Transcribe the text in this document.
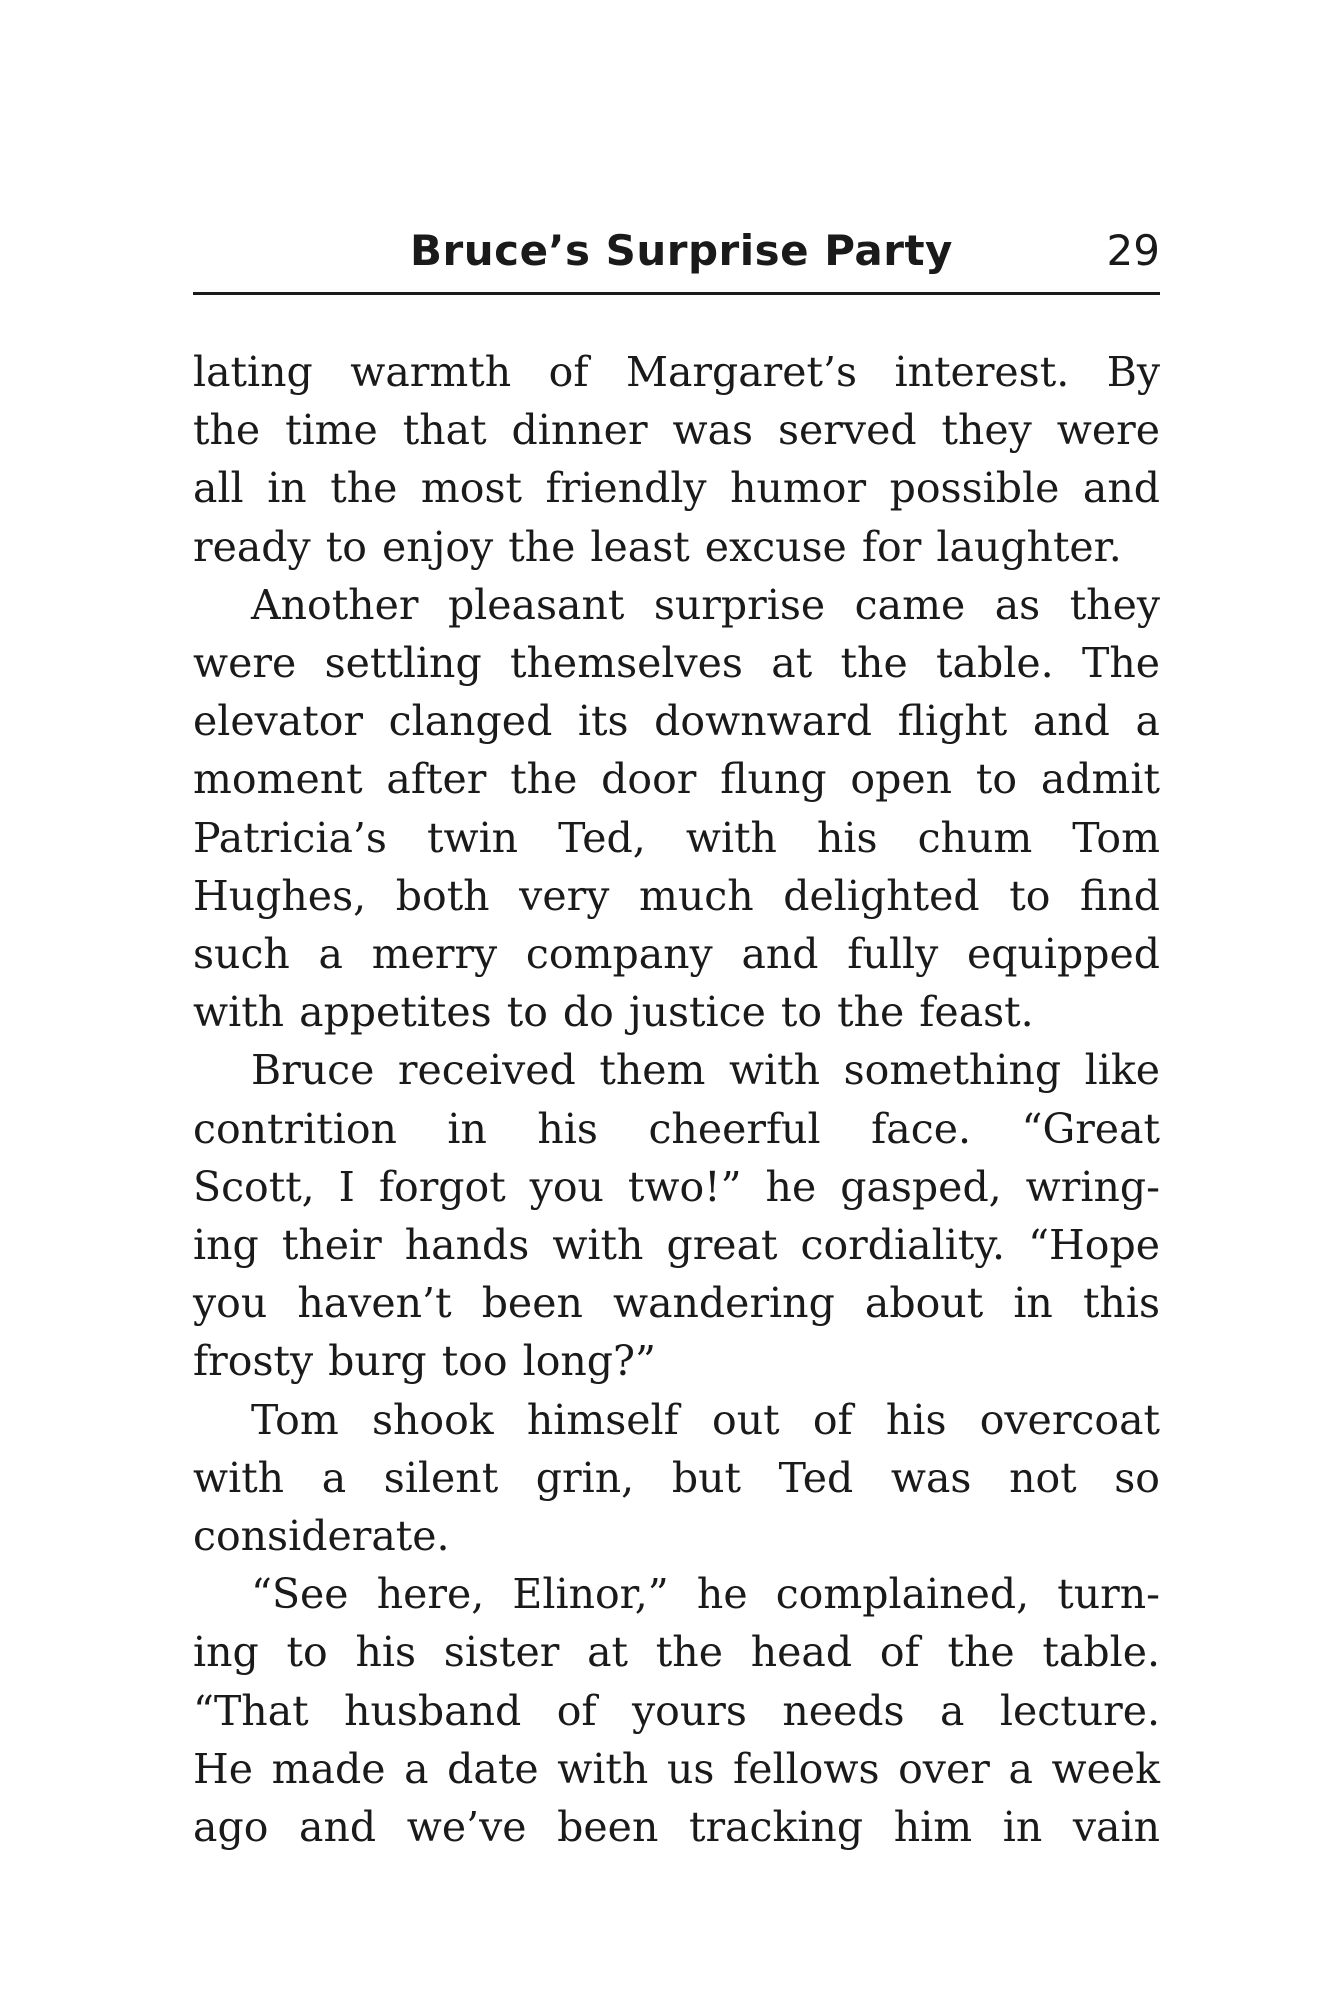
Bruce’s Surprise Party	29
lating warmth of Margaret’s interest. By
the time that dinner was served they were
all in the most friendly humor possible and
ready to enjoy the least excuse for laughter.
Another pleasant surprise came as they
were settling themselves at the table. The
elevator clanged its downward flight and a
moment after the door flung open to admit
Patricia’s twin Ted, with his chum Tom
Hughes, both very much delighted to find
such a merry company and fully equipped
with appetites to do justice to the feast.
Bruce received them with something like
contrition in his cheerful face. “Great
Scott, I forgot you two!” he gasped, wring-
ing their hands with great cordiality. “Hope
you haven’t been wandering about in this
frosty burg too long?”
Tom shook himself out of his overcoat
with a silent grin, but Ted was not so
considerate.
“See here, Elinor,” he complained, turn-
ing to his sister at the head of the table.
“That husband of yours needs a lecture.
He made a date with us fellows over a week
ago and we’ve been tracking him in vain
